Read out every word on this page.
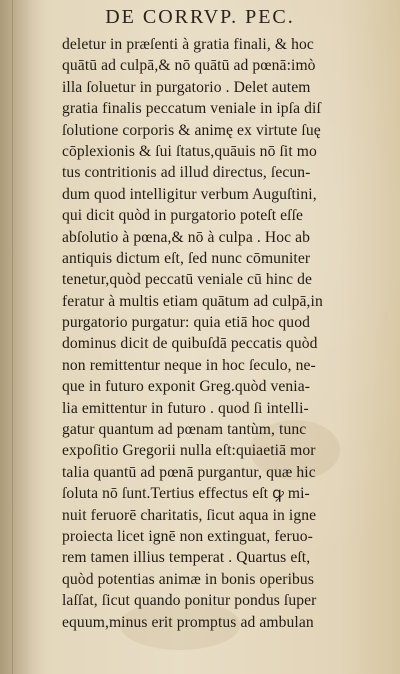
DE CORRVP. PEC.
deletur in præſenti à gratia finali, & hoc
quātū ad culpā,& nō quātū ad pœnā:imò
illa ſoluetur in purgatorio . Delet autem
gratia finalis peccatum veniale in ipſa diſ
ſolutione corporis & animę ex virtute ſuę
cōplexionis & ſui ſtatus,quāuis nō ſit mo
tus contritionis ad illud directus, ſecun-
dum quod intelligitur verbum Auguſtini,
qui dicit quòd in purgatorio poteſt eſſe
abſolutio à pœna,& nō à culpa . Hoc ab
antiquis dictum eſt, ſed nunc cōmuniter
tenetur,quòd peccatū veniale cū hinc de
feratur à multis etiam quātum ad culpā,in
purgatorio purgatur: quia etiā hoc quod
dominus dicit de quibuſdā peccatis quòd
non remittentur neque in hoc ſeculo, ne-
que in futuro exponit Greg.quòd venia-
lia emittentur in futuro . quod ſi intelli-
gatur quantum ad pœnam tantùm, tunc
expoſitio Gregorii nulla eſt:quiaetiā mor
talia quantū ad pœnā purgantur, quæ hic
ſoluta nō ſunt.Tertius effectus eſt ꝙ mi-
nuit feruorē charitatis, ſicut aqua in igne
proiecta licet ignē non extinguat, feruo-
rem tamen illius temperat . Quartus eſt,
quòd potentias animæ in bonis operibus
laſſat, ſicut quando ponitur pondus ſuper
equum,minus erit promptus ad ambulan
